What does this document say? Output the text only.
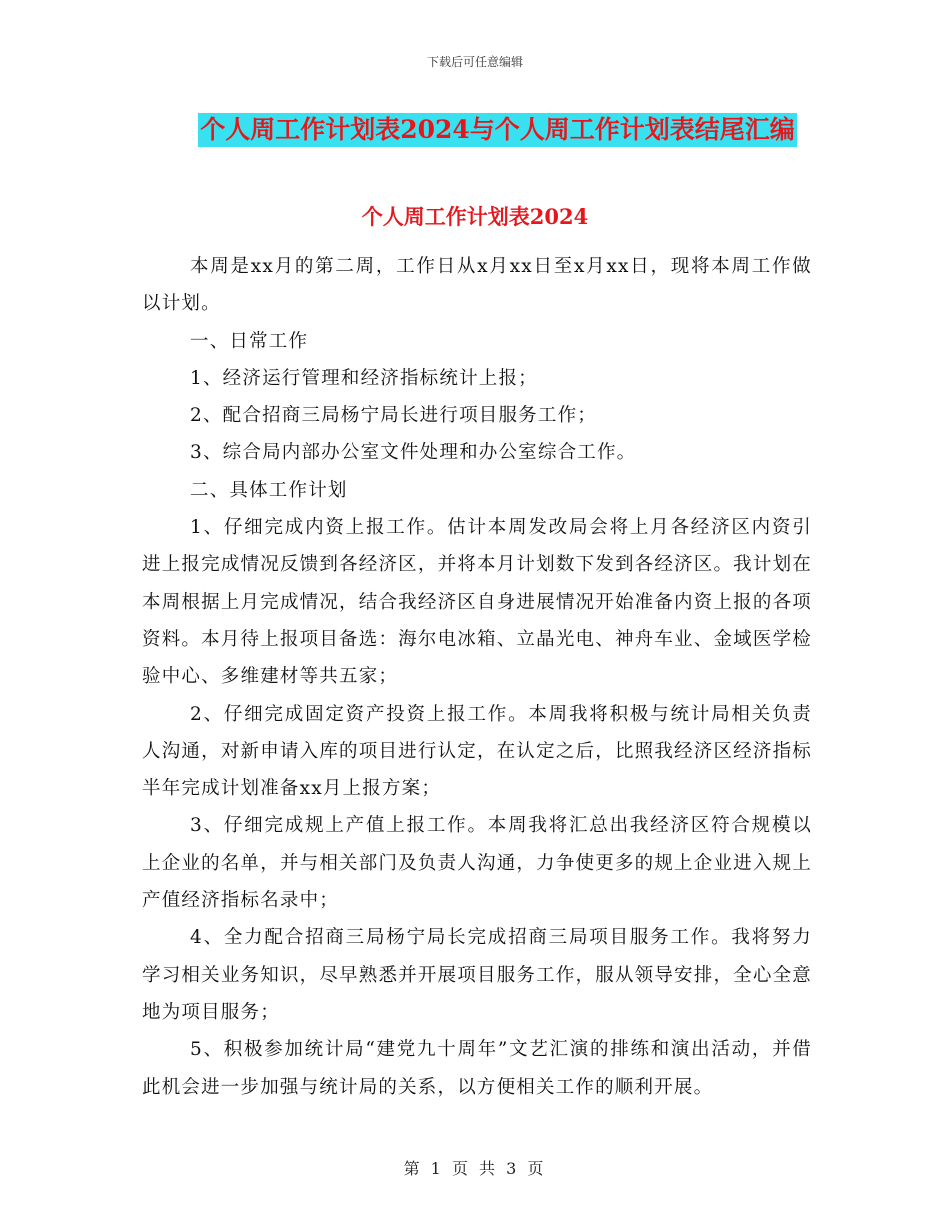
下载后可任意编辑
个人周工作计划表2024与个人周工作计划表结尾汇编
个人周工作计划表2024

本周是xx月的第二周，工作日从x月xx日至x月xx日，现将本周工作做以计划。

一、日常工作

1、经济运行管理和经济指标统计上报；

2、配合招商三局杨宁局长进行项目服务工作；

3、综合局内部办公室文件处理和办公室综合工作。

二、具体工作计划

1、仔细完成内资上报工作。估计本周发改局会将上月各经济区内资引进上报完成情况反馈到各经济区，并将本月计划数下发到各经济区。我计划在本周根据上月完成情况，结合我经济区自身进展情况开始准备内资上报的各项资料。本月待上报项目备选：海尔电冰箱、立晶光电、神舟车业、金域医学检验中心、多维建材等共五家；

2、仔细完成固定资产投资上报工作。本周我将积极与统计局相关负责人沟通，对新申请入库的项目进行认定，在认定之后，比照我经济区经济指标半年完成计划准备xx月上报方案；

3、仔细完成规上产值上报工作。本周我将汇总出我经济区符合规模以上企业的名单，并与相关部门及负责人沟通，力争使更多的规上企业进入规上产值经济指标名录中；

4、全力配合招商三局杨宁局长完成招商三局项目服务工作。我将努力学习相关业务知识，尽早熟悉并开展项目服务工作，服从领导安排，全心全意地为项目服务；

5、积极参加统计局“建党九十周年”文艺汇演的排练和演出活动，并借此机会进一步加强与统计局的关系，以方便相关工作的顺利开展。

第 1 页 共 3 页
